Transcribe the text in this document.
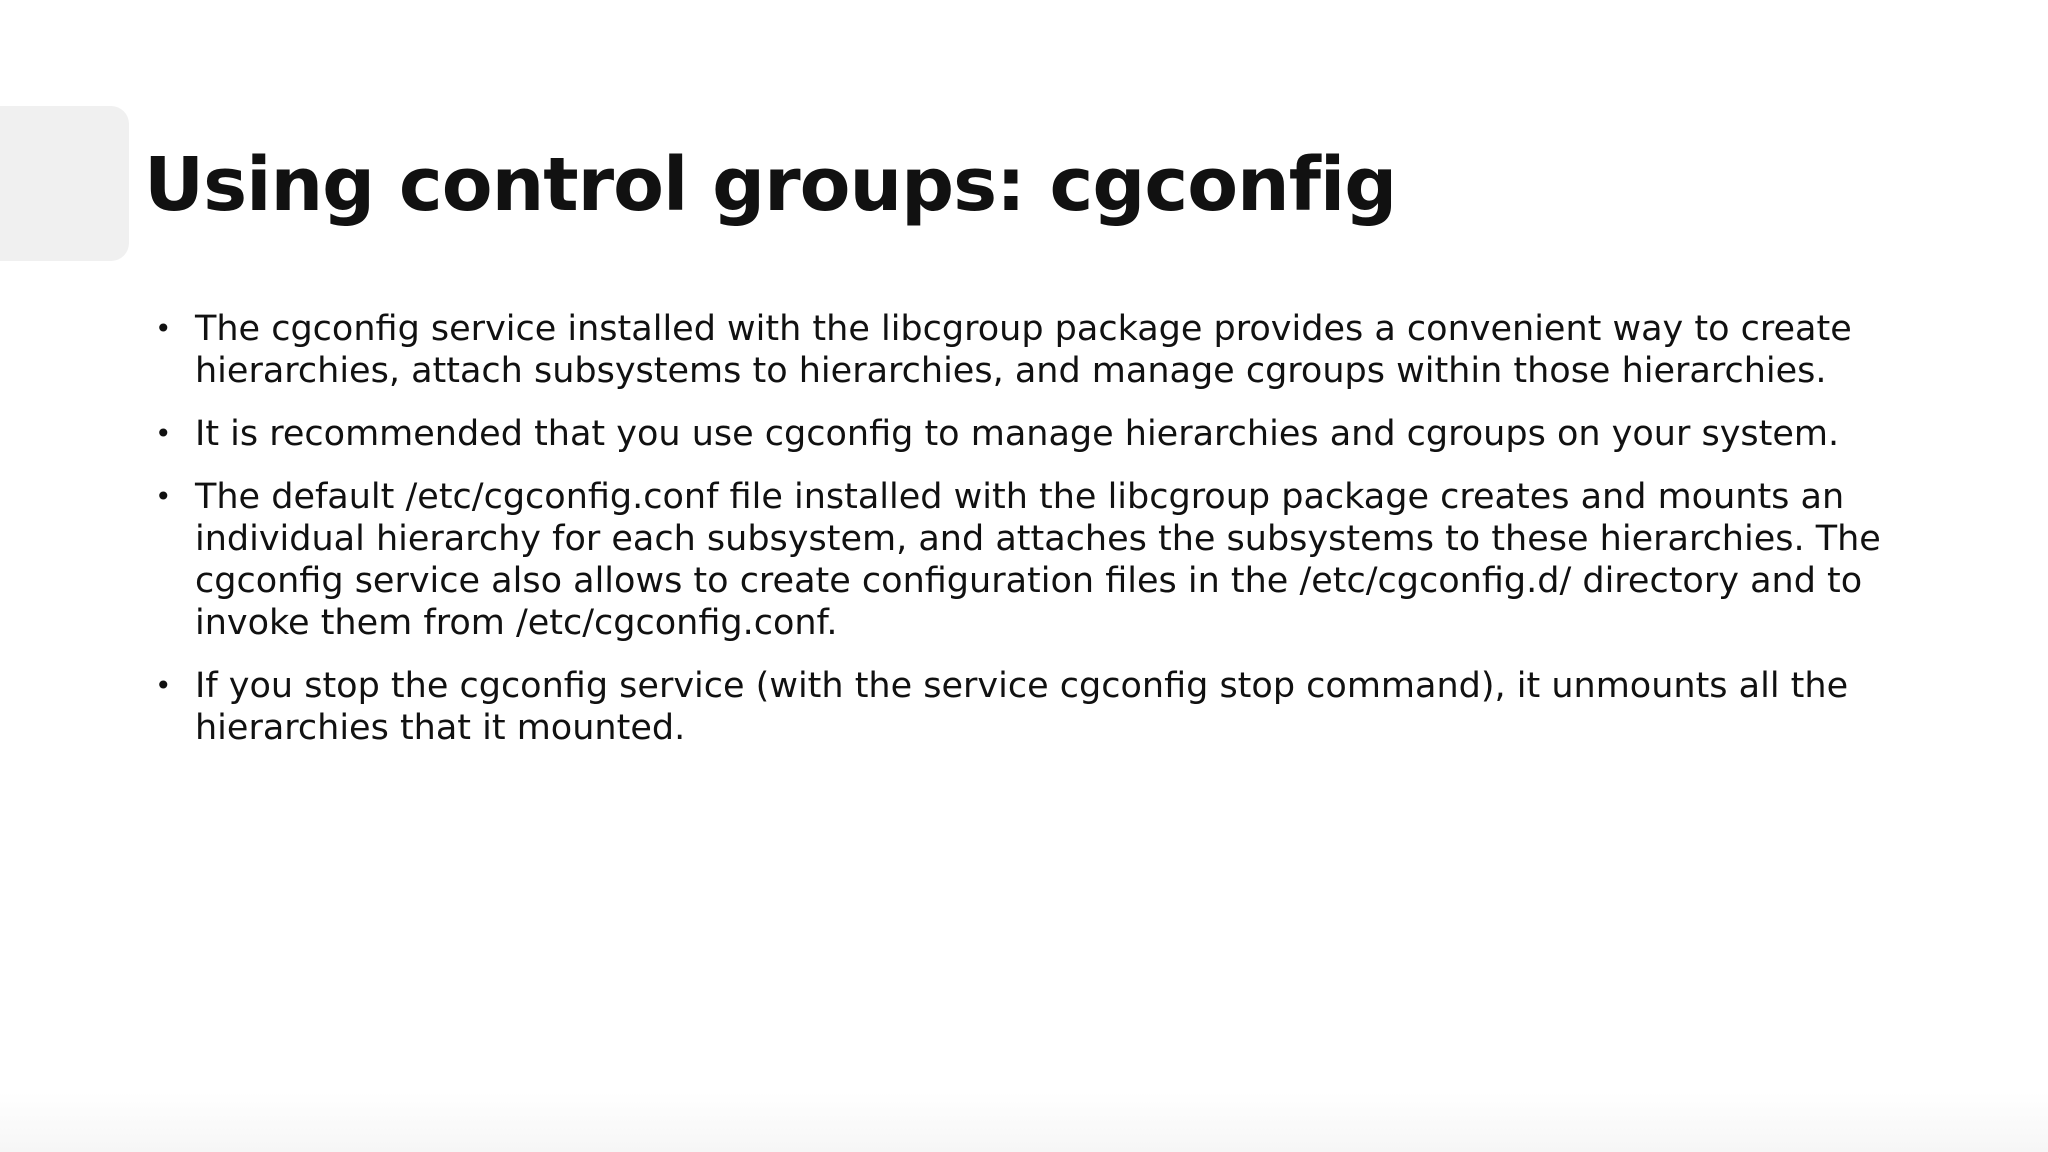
Using control groups: cgconfig
• The cgconfig service installed with the libcgroup package provides a convenient way to create hierarchies, attach subsystems to hierarchies, and manage cgroups within those hierarchies.
• It is recommended that you use cgconfig to manage hierarchies and cgroups on your system.
• The default /etc/cgconfig.conf file installed with the libcgroup package creates and mounts an individual hierarchy for each subsystem, and attaches the subsystems to these hierarchies. The cgconfig service also allows to create configuration files in the /etc/cgconfig.d/ directory and to invoke them from /etc/cgconfig.conf.
• If you stop the cgconfig service (with the service cgconfig stop command), it unmounts all the hierarchies that it mounted.
